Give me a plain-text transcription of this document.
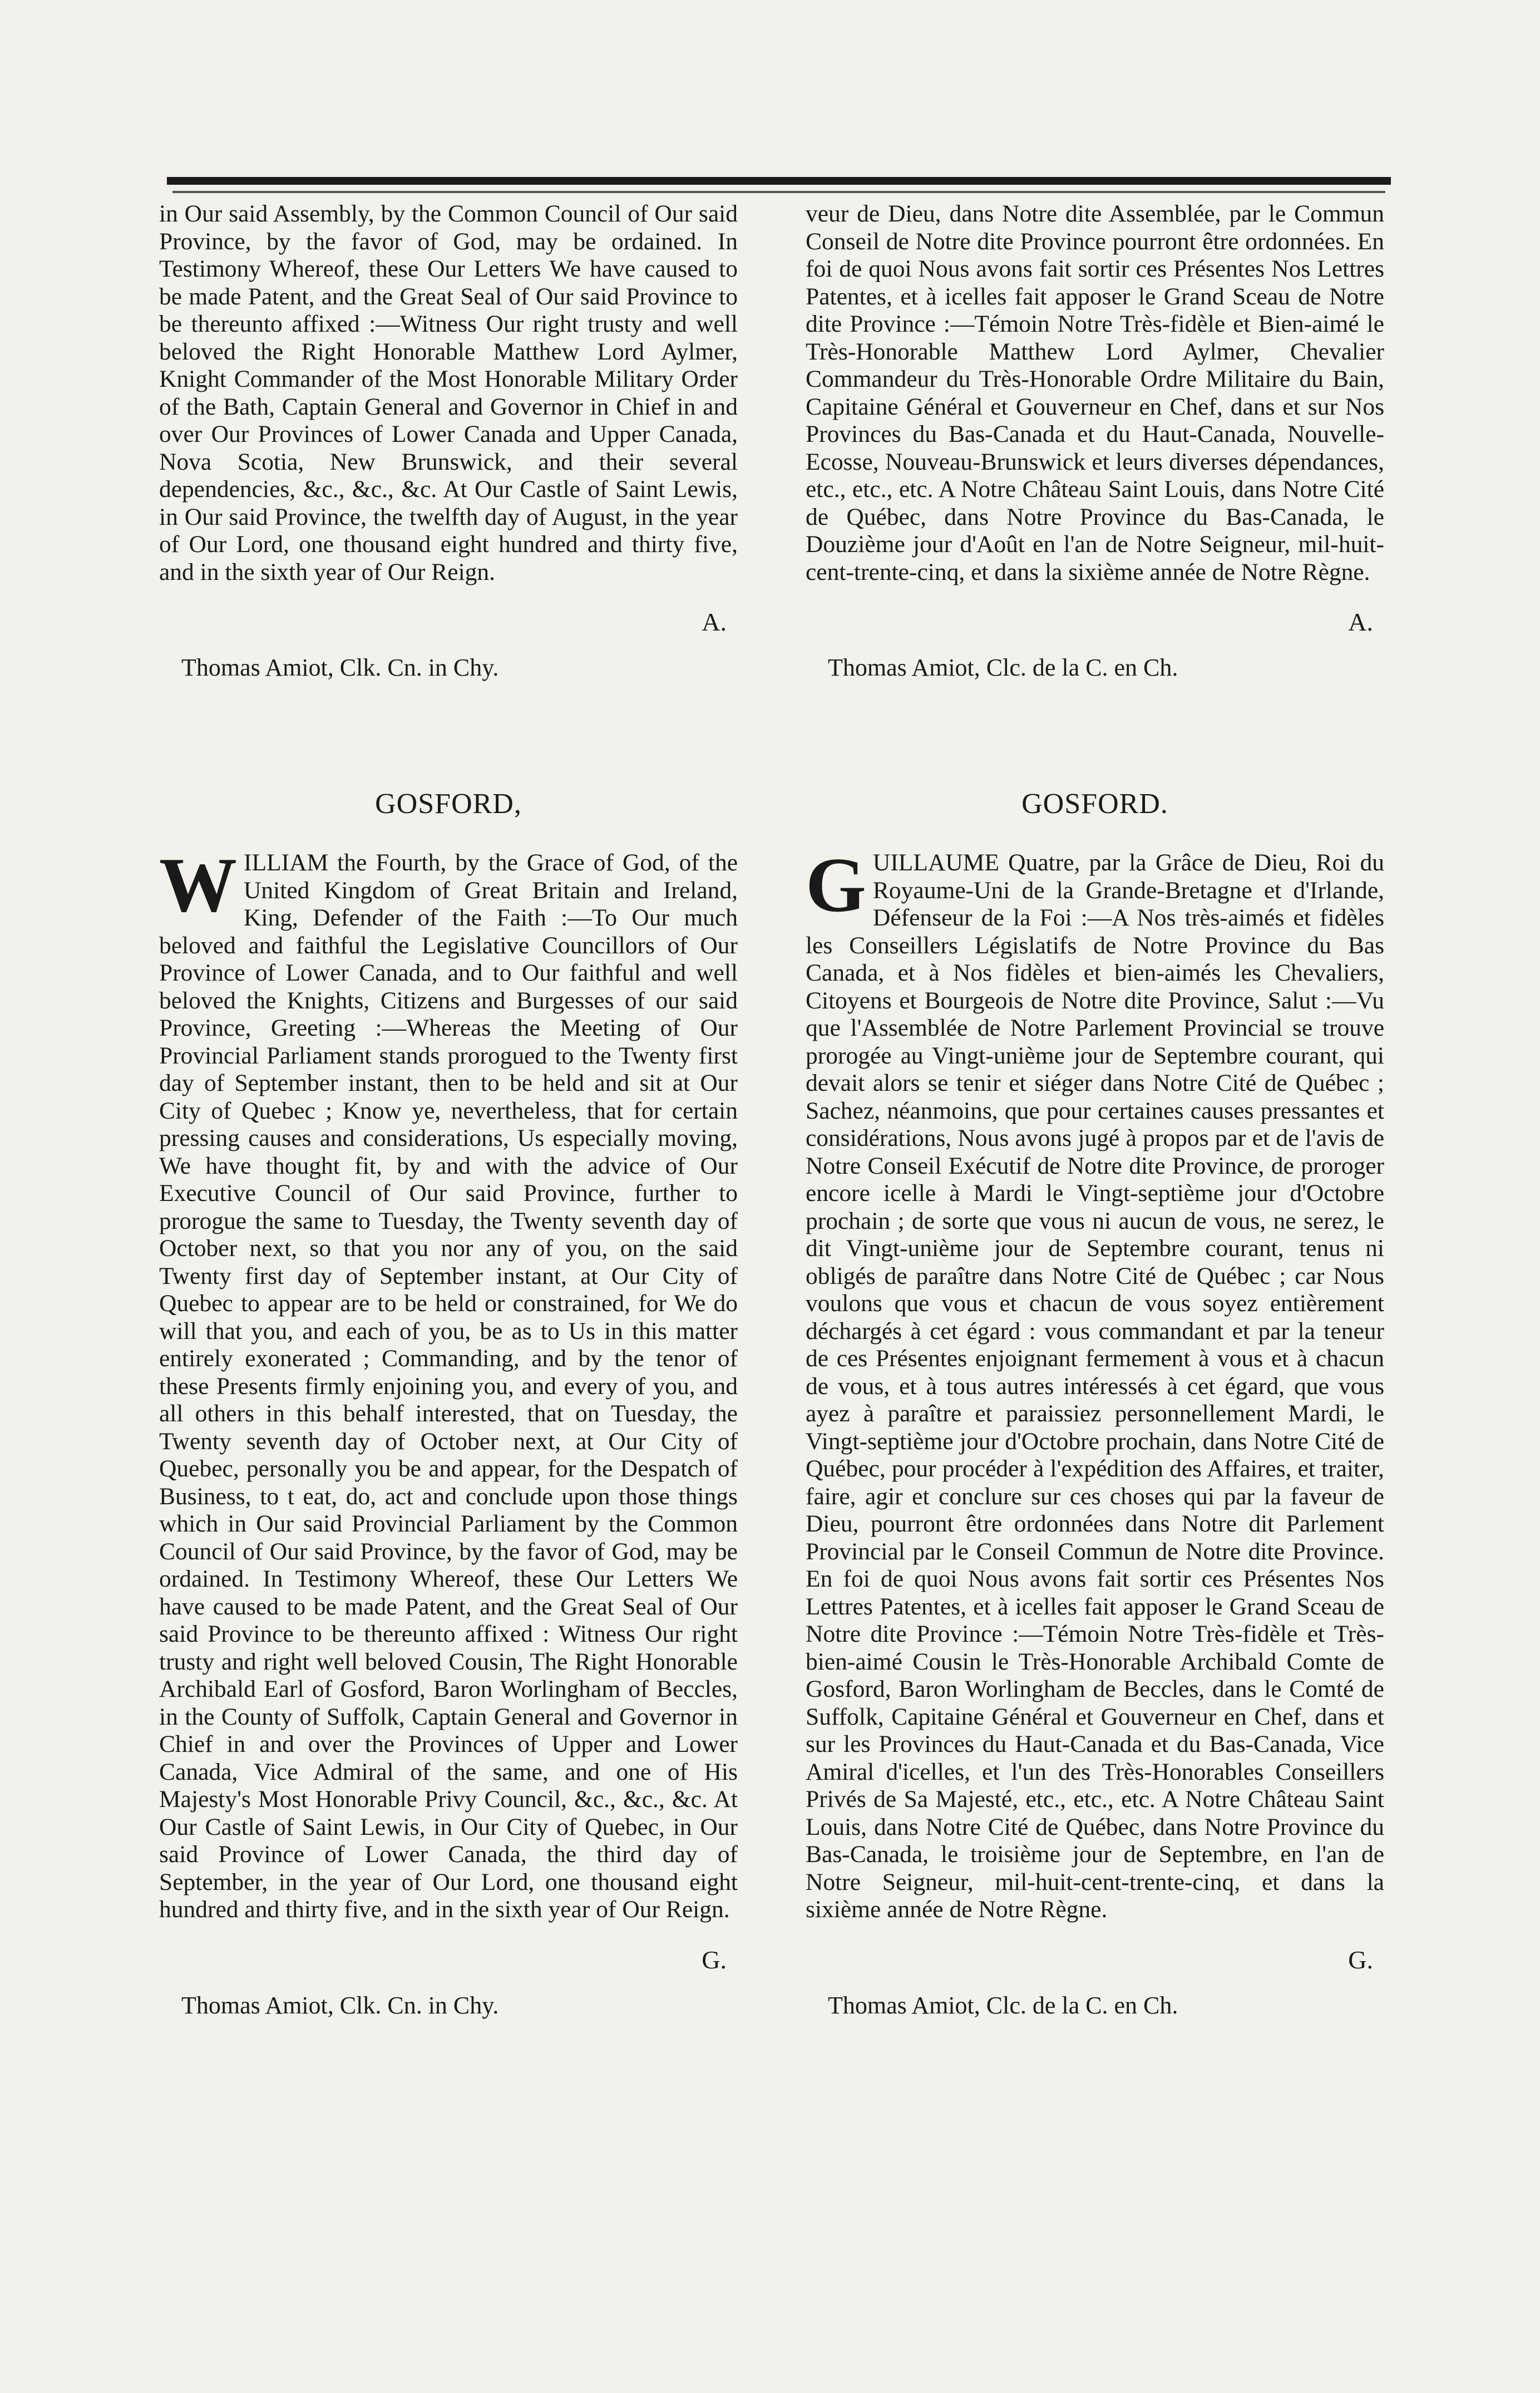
in Our said Assembly, by the Common Council of Our said Province, by the favor of God, may be ordained. In Testimony Whereof, these Our Letters We have caused to be made Patent, and the Great Seal of Our said Province to be thereunto affixed :—Witness Our right trusty and well beloved the Right Honorable Matthew Lord Aylmer, Knight Commander of the Most Honorable Military Order of the Bath, Captain General and Governor in Chief in and over Our Provinces of Lower Canada and Upper Canada, Nova Scotia, New Brunswick, and their several dependencies, &c., &c., &c. At Our Castle of Saint Lewis, in Our said Province, the twelfth day of August, in the year of Our Lord, one thousand eight hundred and thirty five, and in the sixth year of Our Reign.

A.
Thomas Amiot, Clk. Cn. in Chy.
GOSFORD,
W ILLIAM the Fourth, by the Grace of God, of the United Kingdom of Great Britain and Ireland, King, Defender of the Faith :—To Our much beloved and faithful the Legislative Councillors of Our Province of Lower Canada, and to Our faithful and well beloved the Knights, Citizens and Burgesses of our said Province, Greeting :—Whereas the Meeting of Our Provincial Parliament stands prorogued to the Twenty first day of September instant, then to be held and sit at Our City of Quebec ; Know ye, nevertheless, that for certain pressing causes and considerations, Us especially moving, We have thought fit, by and with the advice of Our Executive Council of Our said Province, further to prorogue the same to Tuesday, the Twenty seventh day of October next, so that you nor any of you, on the said Twenty first day of September instant, at Our City of Quebec to appear are to be held or constrained, for We do will that you, and each of you, be as to Us in this matter entirely exonerated ; Commanding, and by the tenor of these Presents firmly enjoining you, and every of you, and all others in this behalf interested, that on Tuesday, the Twenty seventh day of October next, at Our City of Quebec, personally you be and appear, for the Despatch of Business, to t eat, do, act and conclude upon those things which in Our said Provincial Parliament by the Common Council of Our said Province, by the favor of God, may be ordained. In Testimony Whereof, these Our Letters We have caused to be made Patent, and the Great Seal of Our said Province to be thereunto affixed : Witness Our right trusty and right well beloved Cousin, The Right Honorable Archibald Earl of Gosford, Baron Worlingham of Beccles, in the County of Suffolk, Captain General and Governor in Chief in and over the Provinces of Upper and Lower Canada, Vice Admiral of the same, and one of His Majesty's Most Honorable Privy Council, &c., &c., &c. At Our Castle of Saint Lewis, in Our City of Quebec, in Our said Province of Lower Canada, the third day of September, in the year of Our Lord, one thousand eight hundred and thirty five, and in the sixth year of Our Reign.

G.
Thomas Amiot, Clk. Cn. in Chy.

veur de Dieu, dans Notre dite Assemblée, par le Commun Conseil de Notre dite Province pourront être ordonnées. En foi de quoi Nous avons fait sortir ces Présentes Nos Lettres Patentes, et à icelles fait apposer le Grand Sceau de Notre dite Province :—Témoin Notre Très-fidèle et Bien-aimé le Très-Honorable Matthew Lord Aylmer, Chevalier Commandeur du Très-Honorable Ordre Militaire du Bain, Capitaine Général et Gouverneur en Chef, dans et sur Nos Provinces du Bas-Canada et du Haut-Canada, Nouvelle-Ecosse, Nouveau-Brunswick et leurs diverses dépendances, etc., etc., etc. A Notre Château Saint Louis, dans Notre Cité de Québec, dans Notre Province du Bas-Canada, le Douzième jour d'Août en l'an de Notre Seigneur, mil-huit-cent-trente-cinq, et dans la sixième année de Notre Règne.

A.
Thomas Amiot, Clc. de la C. en Ch.
GOSFORD.
G UILLAUME Quatre, par la Grâce de Dieu, Roi du Royaume-Uni de la Grande-Bretagne et d'Irlande, Défenseur de la Foi :—A Nos très-aimés et fidèles les Conseillers Législatifs de Notre Province du Bas Canada, et à Nos fidèles et bien-aimés les Chevaliers, Citoyens et Bourgeois de Notre dite Province, Salut :—Vu que l'Assemblée de Notre Parlement Provincial se trouve prorogée au Vingt-unième jour de Septembre courant, qui devait alors se tenir et siéger dans Notre Cité de Québec ; Sachez, néanmoins, que pour certaines causes pressantes et considérations, Nous avons jugé à propos par et de l'avis de Notre Conseil Exécutif de Notre dite Province, de proroger encore icelle à Mardi le Vingt-septième jour d'Octobre prochain ; de sorte que vous ni aucun de vous, ne serez, le dit Vingt-unième jour de Septembre courant, tenus ni obligés de paraître dans Notre Cité de Québec ; car Nous voulons que vous et chacun de vous soyez entièrement déchargés à cet égard : vous commandant et par la teneur de ces Présentes enjoignant fermement à vous et à chacun de vous, et à tous autres intéressés à cet égard, que vous ayez à paraître et paraissiez personnellement Mardi, le Vingt-septième jour d'Octobre prochain, dans Notre Cité de Québec, pour procéder à l'expédition des Affaires, et traiter, faire, agir et conclure sur ces choses qui par la faveur de Dieu, pourront être ordonnées dans Notre dit Parlement Provincial par le Conseil Commun de Notre dite Province. En foi de quoi Nous avons fait sortir ces Présentes Nos Lettres Patentes, et à icelles fait apposer le Grand Sceau de Notre dite Province :—Témoin Notre Très-fidèle et Très-bien-aimé Cousin le Très-Honorable Archibald Comte de Gosford, Baron Worlingham de Beccles, dans le Comté de Suffolk, Capitaine Général et Gouverneur en Chef, dans et sur les Provinces du Haut-Canada et du Bas-Canada, Vice Amiral d'icelles, et l'un des Très-Honorables Conseillers Privés de Sa Majesté, etc., etc., etc. A Notre Château Saint Louis, dans Notre Cité de Québec, dans Notre Province du Bas-Canada, le troisième jour de Septembre, en l'an de Notre Seigneur, mil-huit-cent-trente-cinq, et dans la sixième année de Notre Règne.

G.
Thomas Amiot, Clc. de la C. en Ch.
